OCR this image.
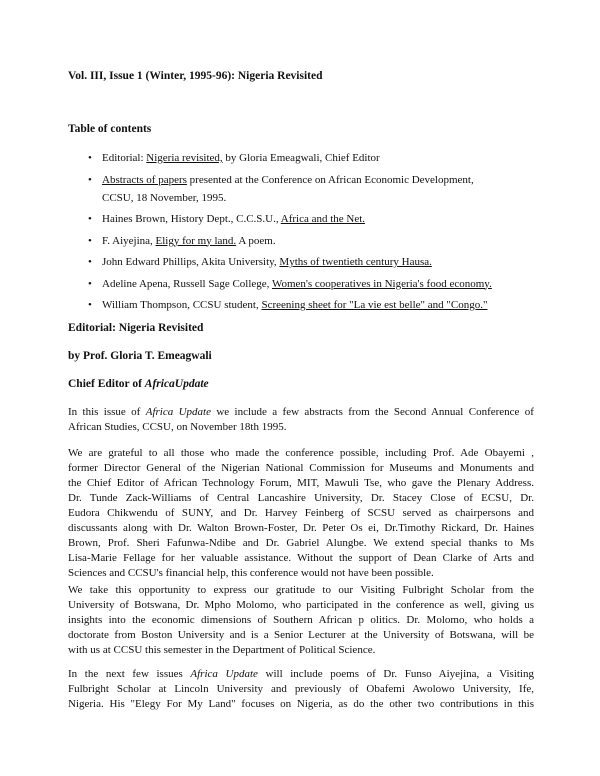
Vol. III, Issue 1 (Winter, 1995-96): Nigeria Revisited
Table of contents
• Editorial: Nigeria revisited, by Gloria Emeagwali, Chief Editor
• Abstracts of papers presented at the Conference on African Economic Development,
CCSU, 18 November, 1995.
• Haines Brown, History Dept., C.C.S.U., Africa and the Net.
• F. Aiyejina, Eligy for my land. A poem.
• John Edward Phillips, Akita University, Myths of twentieth century Hausa.
• Adeline Apena, Russell Sage College, Women's cooperatives in Nigeria's food economy.
• William Thompson, CCSU student, Screening sheet for "La vie est belle" and "Congo."
Editorial: Nigeria Revisited
by Prof. Gloria T. Emeagwali
Chief Editor of AfricaUpdate
In this issue of Africa Update we include a few abstracts from the Second Annual Conference of
African Studies, CCSU, on November 18th 1995.
We are grateful to all those who made the conference possible, including Prof. Ade Obayemi ,
former Director General of the Nigerian National Commission for Museums and Monuments and
the Chief Editor of African Technology Forum, MIT, Mawuli Tse, who gave the Plenary Address.
Dr. Tunde Zack-Williams of Central Lancashire University, Dr. Stacey Close of ECSU, Dr.
Eudora Chikwendu of SUNY, and Dr. Harvey Feinberg of SCSU served as chairpersons and
discussants along with Dr. Walton Brown-Foster, Dr. Peter Os ei, Dr.Timothy Rickard, Dr. Haines
Brown, Prof. Sheri Fafunwa-Ndibe and Dr. Gabriel Alungbe. We extend special thanks to Ms
Lisa-Marie Fellage for her valuable assistance. Without the support of Dean Clarke of Arts and
Sciences and CCSU's financial help, this conference would not have been possible.
We take this opportunity to express our gratitude to our Visiting Fulbright Scholar from the
University of Botswana, Dr. Mpho Molomo, who participated in the conference as well, giving us
insights into the economic dimensions of Southern African p olitics. Dr. Molomo, who holds a
doctorate from Boston University and is a Senior Lecturer at the University of Botswana, will be
with us at CCSU this semester in the Department of Political Science.
In the next few issues Africa Update will include poems of Dr. Funso Aiyejina, a Visiting
Fulbright Scholar at Lincoln University and previously of Obafemi Awolowo University, Ife,
Nigeria. His "Elegy For My Land" focuses on Nigeria, as do the other two contributions in this
